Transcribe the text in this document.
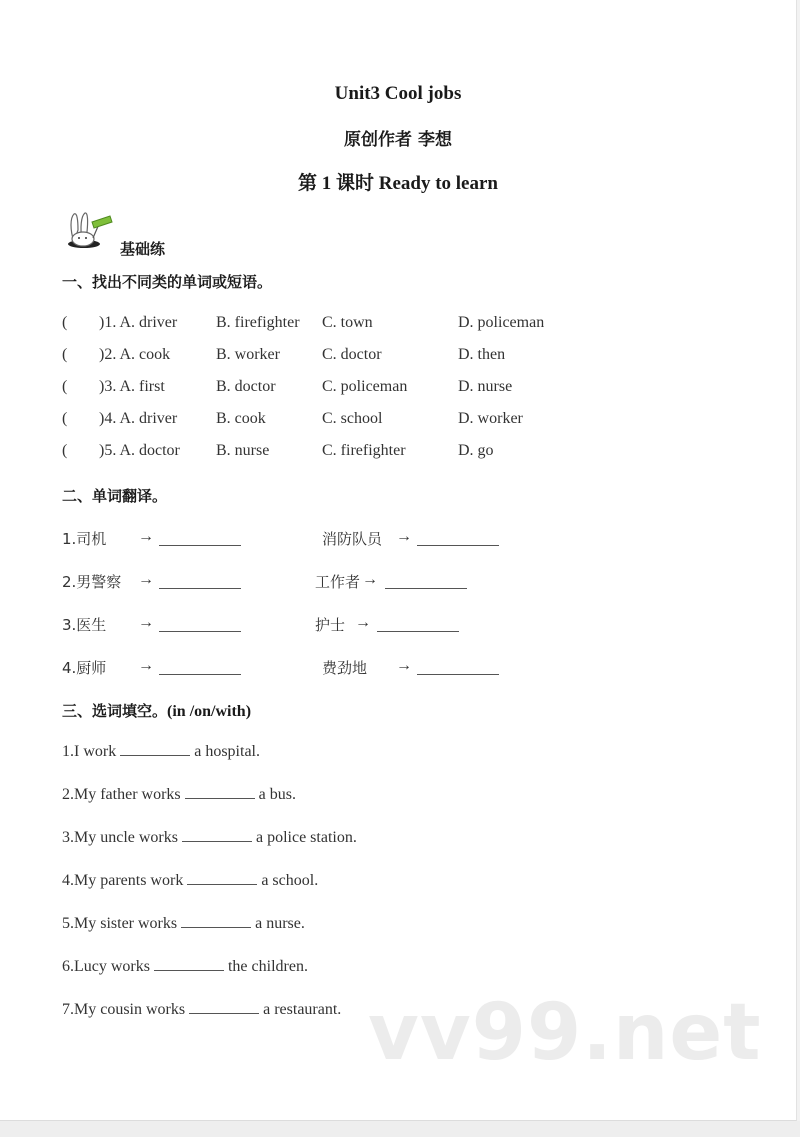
Unit3 Cool jobs
原创作者 李想
第 1 课时 Ready to learn
基础练
一、找出不同类的单词或短语。
( )1. A. driver B. firefighter C. town	D. policeman
( )2. A. cook	B. worker	C. doctor	D. then
( )3. A. first	B. doctor	C. policeman	D. nurse
( )4. A. driver B. cook	C. school	D. worker
( )5. A. doctor B. nurse	C. firefighter	D. go
二、单词翻译。
1.司机 →	消防队员 →
2.男警察 →	工作者 →
3.医生 →	护士 →
4.厨师 →	费劲地 →
三、选词填空。(in /on/with)
1.I work	a hospital.
2.My father works	a bus.
3.My uncle works	a police station.
4.My parents work	a school.
5.My sister works	a nurse.
6.Lucy works	the children.
7.My cousin works	a restaurant. vv99.net
